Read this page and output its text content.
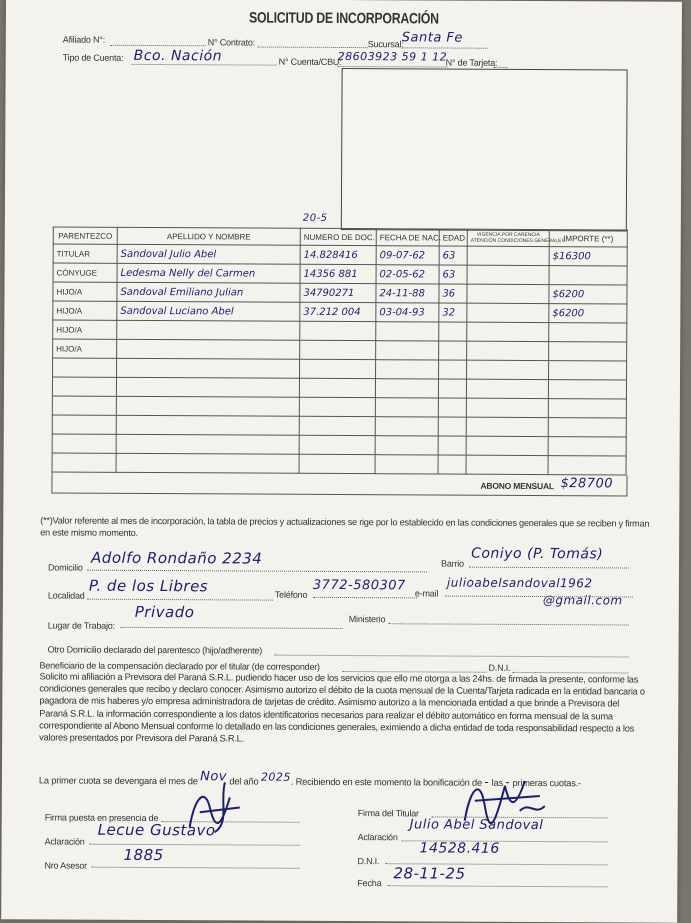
SOLICITUD DE INCORPORACIÓN
Afiliado N°:	N° Contrato:	Sucursal:
Santa Fe
Tipo de Cuenta: Bco. Nación	N° Cuenta/CBU:
28603923 59 1 12
N° de Tarjeta:
20-5
PARENTEZCO	APELLIDO Y NOMBRE	NUMERO DE DOC.	FECHA DE NAC.	EDAD	VIGENCIA POR CARENCIA
ATENCIÓN CONDICIONES GENERALES	IMPORTE (**)
TITULAR	Sandoval Julio Abel	14.828416	09-07-62	63		$16300
CÓNYUGE	Ledesma Nelly del Carmen	14356 881	02-05-62	63		
HIJO/A	Sandoval Emiliano Julian	34790271	24-11-88	36		$6200
HIJO/A	Sandoval Luciano Abel	37.212 004	03-04-93	32		$6200
HIJO/A						
HIJO/A						

ABONO MENSUAL $28700
(**)Valor referente al mes de incorporación, la tabla de precios y actualizaciones se rige por lo establecido en las condiciones generales que se reciben y firman en este mismo momento.
Domicilio Adolfo Rondaño 2234	Barrio
Coniyo (P. Tomás)
Localidad
P. de los Libres	Teléfono
3772-580307
e-mail
julioabelsandoval1962
@gmail.com
Lugar de Trabajo:
Privado	Ministerio
Otro Domicilio declarado del parentesco (hijo/adherente)
Beneficiario de la compensación declarado por el titular (de corresponder)	D.N.I.
Solicito mi afiliación a Previsora del Paraná S.R.L. pudiendo hacer uso de los servicios que ello me otorga a las 24hs. de firmada la presente, conforme las condiciones generales que recibo y declaro conocer. Asimismo autorizo el débito de la cuota mensual de la Cuenta/Tarjeta radicada en la entidad bancaria o pagadora de mis haberes y/o empresa administradora de tarjetas de crédito. Asimismo autorizo a la mencionada entidad a que brinde a Previsora del Paraná S.R.L. la información correspondiente a los datos identificatorios necesarios para realizar el débito automático en forma mensual de la suma correspondiente al Abono Mensual conforme lo detallado en las condiciones generales, eximiendo a dicha entidad de toda responsabilidad respecto a los valores presentados por Previsora del Paraná S.R.L.
La primer cuota se devengara el mes de Nov del año 2025. Recibiendo en este momento la bonificación de - las - primeras cuotas.-
Firma puesta en presencia de
Aclaración
Lecue Gustavo
Nro Asesor
1885
Firma del Titular
Aclaración
Julio Abel Sandoval
D.N.I.
14528.416
Fecha
28-11-25
